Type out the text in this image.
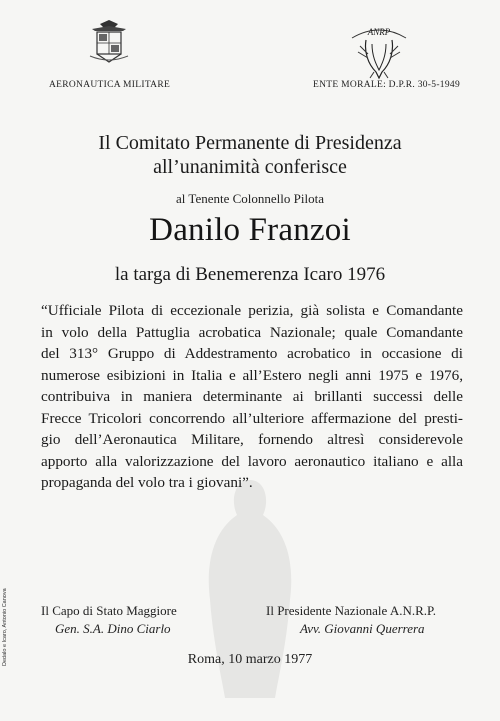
ANRP
AERONAUTICA MILITARE	ENTE MORALE: D.P.R. 30-5-1949
Il Comitato Permanente di Presidenza
all’unanimità conferisce
al Tenente Colonnello Pilota
Danilo Franzoi
la targa di Benemerenza Icaro 1976
“Ufficiale Pilota di eccezionale perizia, già solista e Comandante
in volo della Pattuglia acrobatica Nazionale; quale Comandante
del 313° Gruppo di Addestramento acrobatico in occasione di
numerose esibizioni in Italia e all’Estero negli anni 1975 e 1976,
contribuiva in maniera determinante ai brillanti successi delle
Frecce Tricolori concorrendo all’ulteriore affermazione del presti-
gio dell’Aeronautica Militare, fornendo altresì considerevole
apporto alla valorizzazione del lavoro aeronautico italiano e alla
propaganda del volo tra i giovani”.
Il Capo di Stato Maggiore
Gen. S.A. Dino Ciarlo
Il Presidente Nazionale A.N.R.P.
Avv. Giovanni Querrera
Roma, 10 marzo 1977
Dedalo e Icaro, Antonio Canova
